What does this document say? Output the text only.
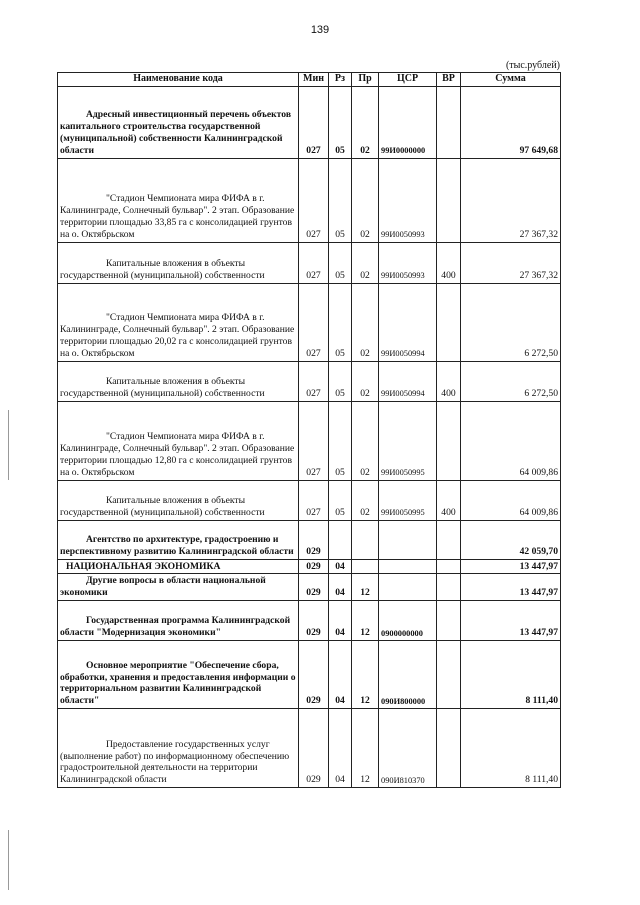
139
(тыс.рублей)
Наименование кода	Мин	Рз	Пр	ЦСР	ВР	Сумма
Адресный инвестиционный перечень объектов капитального строительства государственной (муниципальной) собственности Калининградской области	027	05	02	99И0000000		97 649,68
"Стадион Чемпионата мира ФИФА в г. Калининграде, Солнечный бульвар". 2 этап. Образование территории площадью 33,85 га с консолидацией грунтов на о. Октябрьском	027	05	02	99И0050993		27 367,32
Капитальные вложения в объекты государственной (муниципальной) собственности	027	05	02	99И0050993	400	27 367,32
"Стадион Чемпионата мира ФИФА в г. Калининграде, Солнечный бульвар". 2 этап. Образование территории площадью 20,02 га с консолидацией грунтов на о. Октябрьском	027	05	02	99И0050994		6 272,50
Капитальные вложения в объекты государственной (муниципальной) собственности	027	05	02	99И0050994	400	6 272,50
"Стадион Чемпионата мира ФИФА в г. Калининграде, Солнечный бульвар". 2 этап. Образование территории площадью 12,80 га с консолидацией грунтов на о. Октябрьском	027	05	02	99И0050995		64 009,86
Капитальные вложения в объекты государственной (муниципальной) собственности	027	05	02	99И0050995	400	64 009,86
Агентство по архитектуре, градостроению и перспективному развитию Калининградской области	029					42 059,70
НАЦИОНАЛЬНАЯ ЭКОНОМИКА	029	04				13 447,97
Другие вопросы в области национальной экономики	029	04	12			13 447,97
Государственная программа Калининградской области "Модернизация экономики"	029	04	12	0900000000		13 447,97
Основное мероприятие "Обеспечение сбора, обработки, хранения и предоставления информации о территориальном развитии Калининградской области"	029	04	12	090И800000		8 111,40
Предоставление государственных услуг (выполнение работ) по информационному обеспечению градостроительной деятельности на территории Калининградской области	029	04	12	090И810370		8 111,40
